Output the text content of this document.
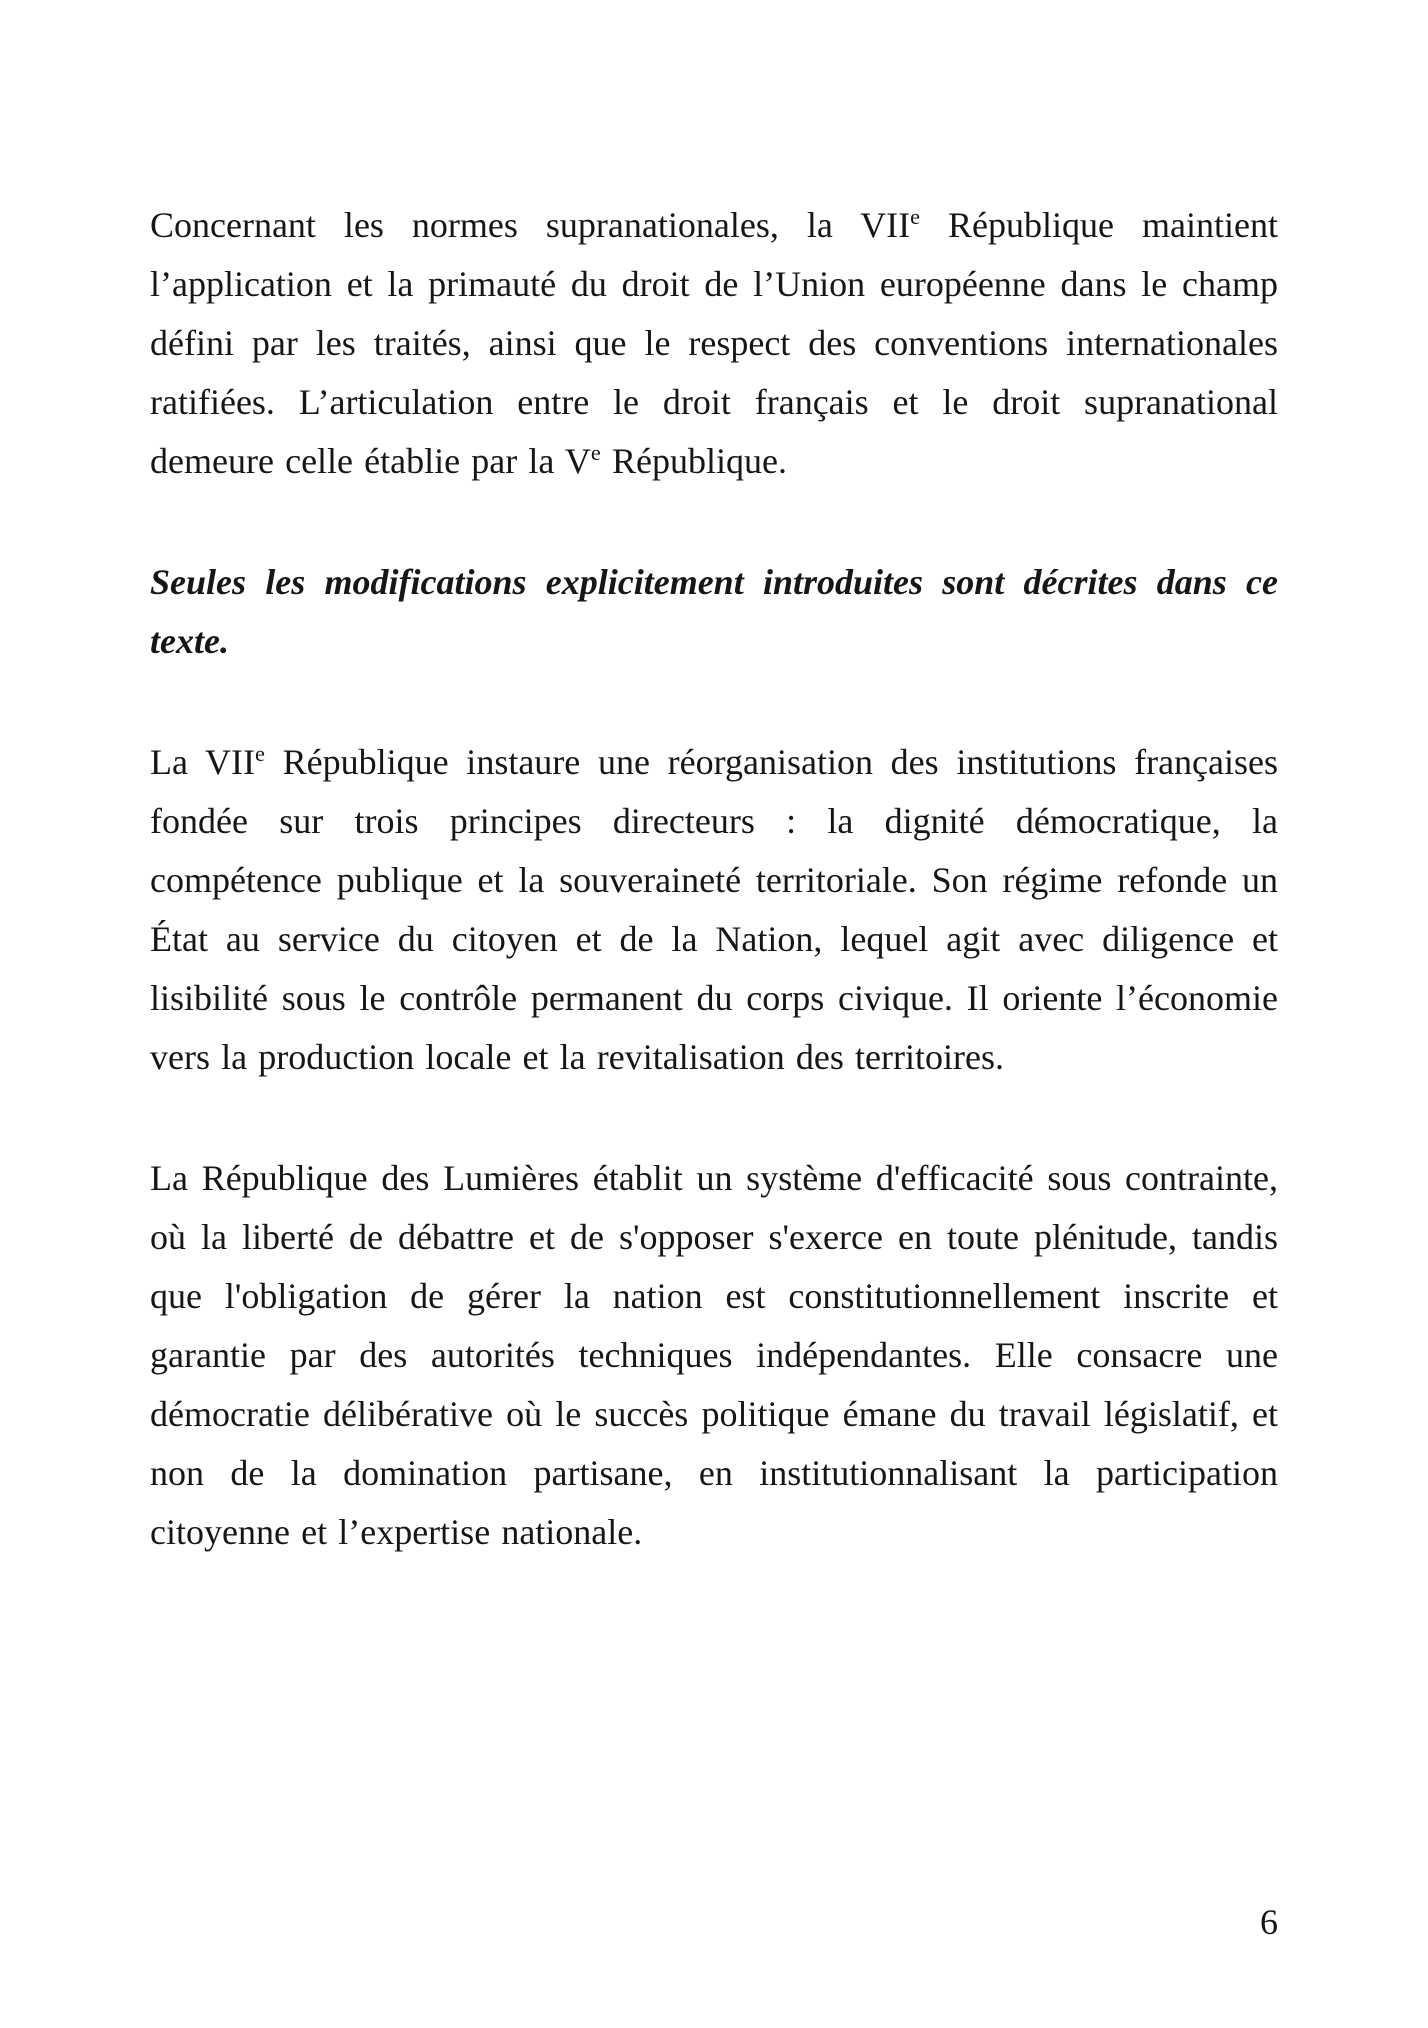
Concernant les normes supranationales, la VIIe République maintient l’application et la primauté du droit de l’Union européenne dans le champ défini par les traités, ainsi que le respect des conventions internationales ratifiées. L’articulation entre le droit français et le droit supranational demeure celle établie par la Ve République.

Seules les modifications explicitement introduites sont décrites dans ce texte.

La VIIe République instaure une réorganisation des institutions françaises fondée sur trois principes directeurs : la dignité démocratique, la compétence publique et la souveraineté territoriale. Son régime refonde un État au service du citoyen et de la Nation, lequel agit avec diligence et lisibilité sous le contrôle permanent du corps civique. Il oriente l’économie vers la production locale et la revitalisation des territoires.

La République des Lumières établit un système d'efficacité sous contrainte, où la liberté de débattre et de s'opposer s'exerce en toute plénitude, tandis que l'obligation de gérer la nation est constitutionnellement inscrite et garantie par des autorités techniques indépendantes. Elle consacre une démocratie délibérative où le succès politique émane du travail législatif, et non de la domination partisane, en institutionnalisant la participation citoyenne et l’expertise nationale.

6
